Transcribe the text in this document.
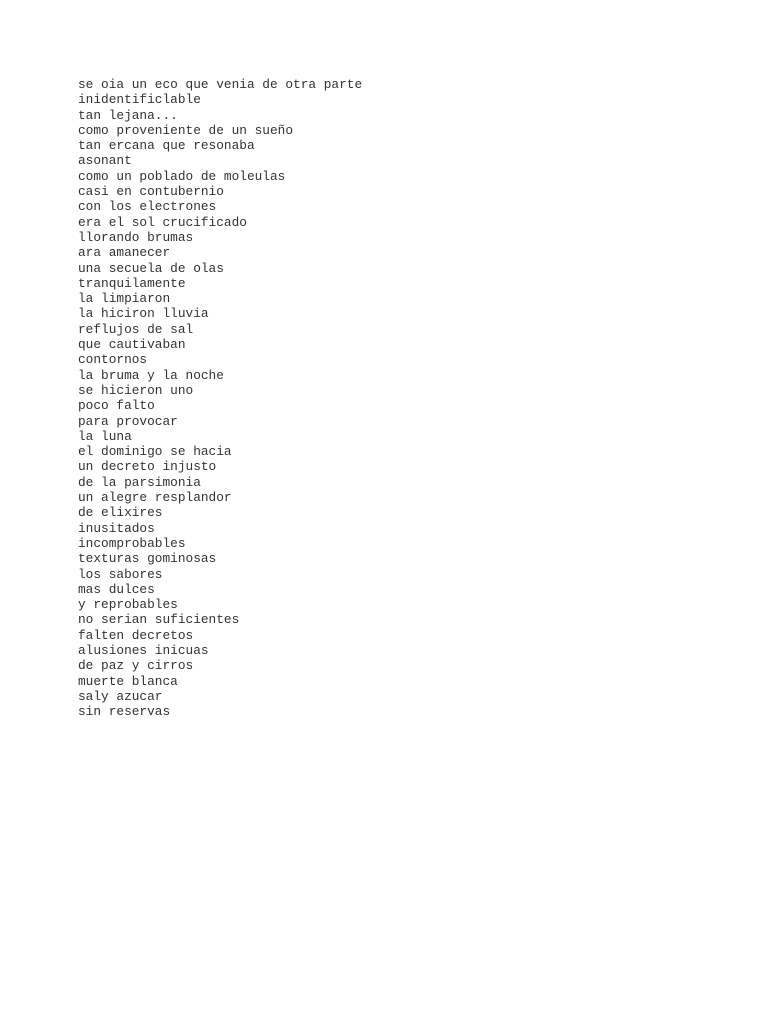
se oia un eco que venia de otra parte
inidentificlable
tan lejana...
como proveniente de un sueño
tan ercana que resonaba
asonant
como un poblado de moleulas
casi en contubernio
con los electrones
era el sol crucificado
llorando brumas
ara amanecer
una secuela de olas
tranquilamente
la limpiaron
la hiciron lluvia
reflujos de sal
que cautivaban
contornos
la bruma y la noche
se hicieron uno
poco falto
para provocar
la luna
el dominigo se hacia
un decreto injusto
de la parsimonia
un alegre resplandor
de elixires
inusitados
incomprobables
texturas gominosas
los sabores
mas dulces
y reprobables
no serian suficientes
falten decretos
alusiones inicuas
de paz y cirros
muerte blanca
saly azucar
sin reservas
